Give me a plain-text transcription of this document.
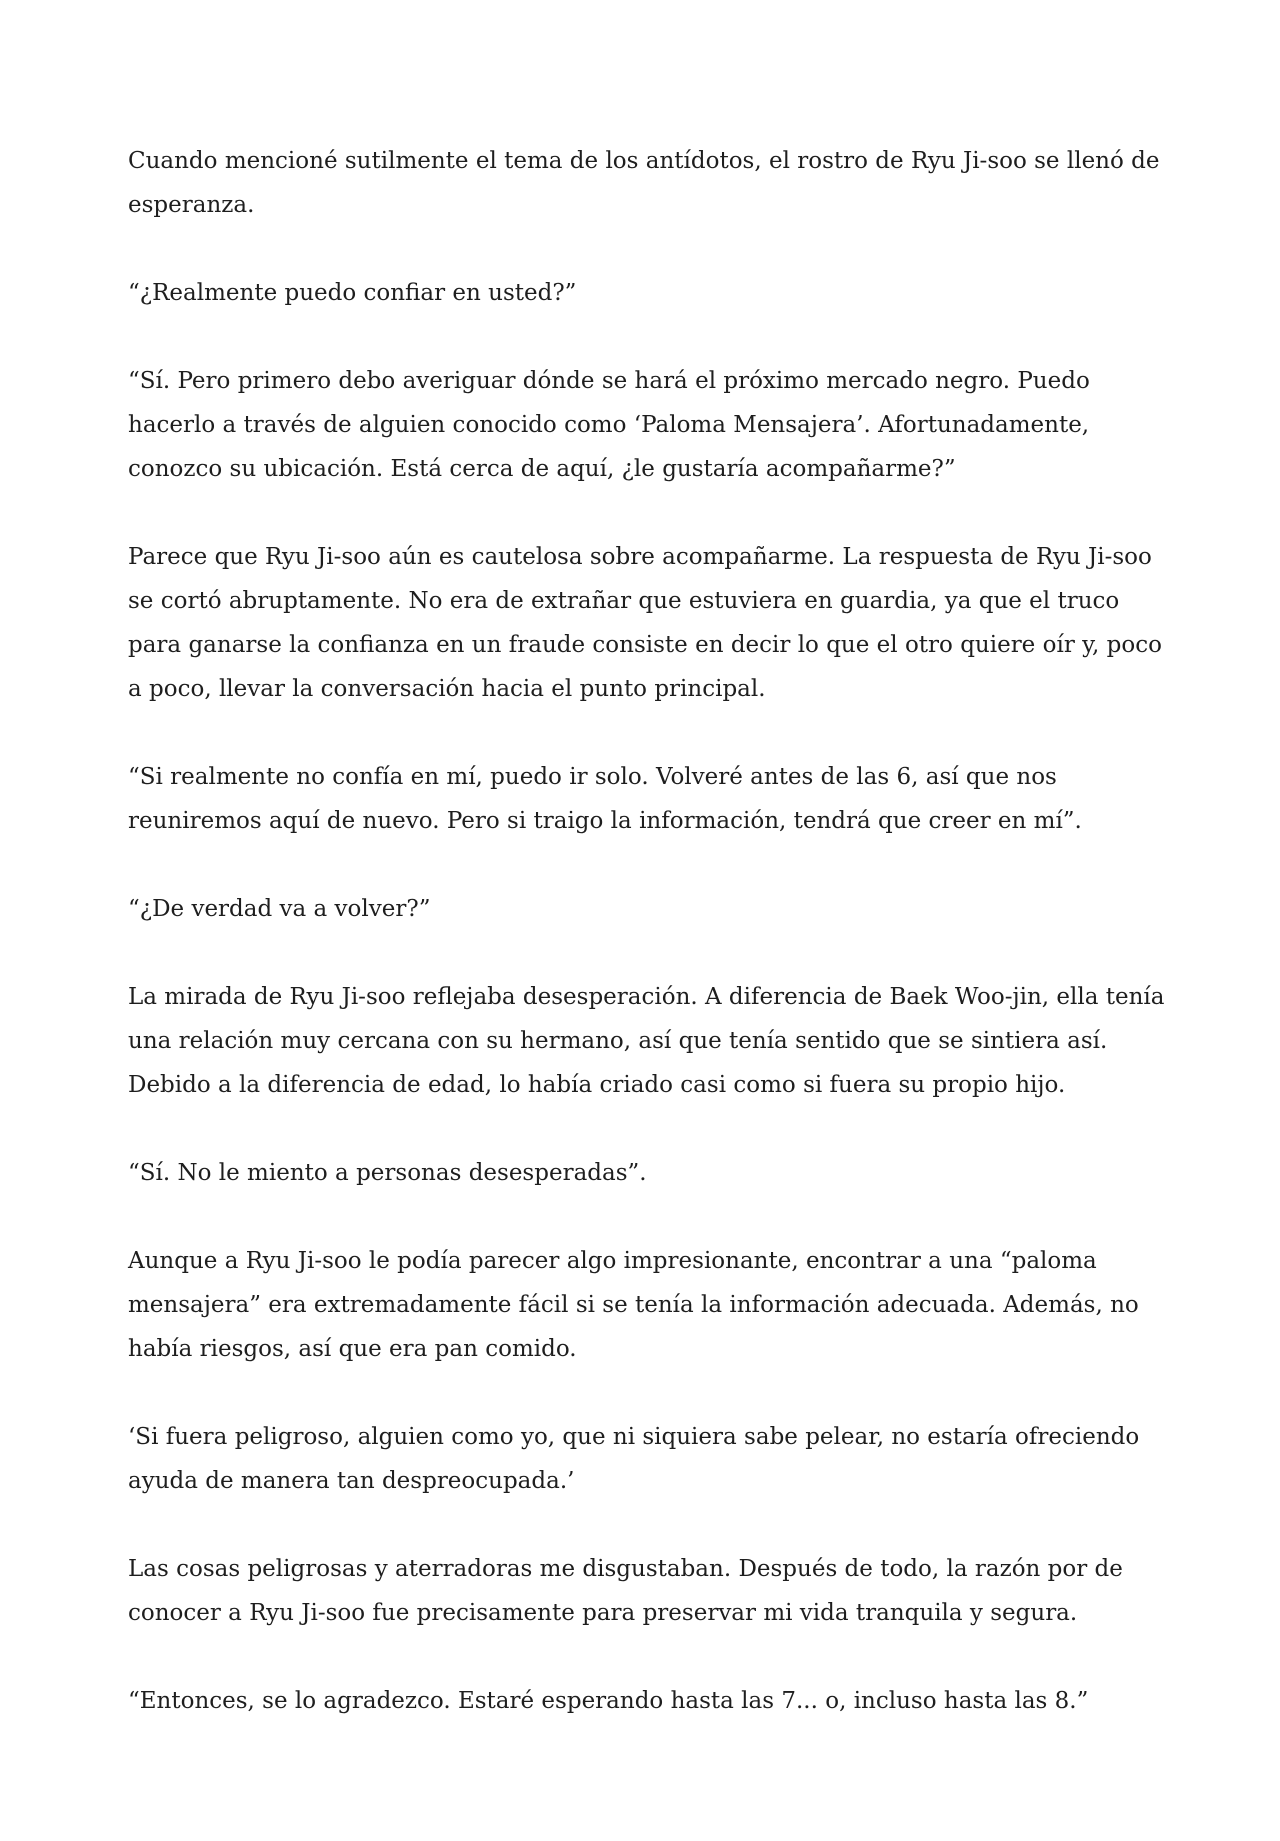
Cuando mencioné sutilmente el tema de los antídotos, el rostro de Ryu Ji-soo se llenó de esperanza.

“¿Realmente puedo confiar en usted?”

“Sí. Pero primero debo averiguar dónde se hará el próximo mercado negro. Puedo hacerlo a través de alguien conocido como ‘Paloma Mensajera’. Afortunadamente, conozco su ubicación. Está cerca de aquí, ¿le gustaría acompañarme?”

Parece que Ryu Ji-soo aún es cautelosa sobre acompañarme. La respuesta de Ryu Ji-soo se cortó abruptamente. No era de extrañar que estuviera en guardia, ya que el truco para ganarse la confianza en un fraude consiste en decir lo que el otro quiere oír y, poco a poco, llevar la conversación hacia el punto principal.

“Si realmente no confía en mí, puedo ir solo. Volveré antes de las 6, así que nos reuniremos aquí de nuevo. Pero si traigo la información, tendrá que creer en mí”.

“¿De verdad va a volver?”

La mirada de Ryu Ji-soo reflejaba desesperación. A diferencia de Baek Woo-jin, ella tenía una relación muy cercana con su hermano, así que tenía sentido que se sintiera así. Debido a la diferencia de edad, lo había criado casi como si fuera su propio hijo.

“Sí. No le miento a personas desesperadas”.

Aunque a Ryu Ji-soo le podía parecer algo impresionante, encontrar a una “paloma mensajera” era extremadamente fácil si se tenía la información adecuada. Además, no había riesgos, así que era pan comido.

‘Si fuera peligroso, alguien como yo, que ni siquiera sabe pelear, no estaría ofreciendo ayuda de manera tan despreocupada.’

Las cosas peligrosas y aterradoras me disgustaban. Después de todo, la razón por de conocer a Ryu Ji-soo fue precisamente para preservar mi vida tranquila y segura.

“Entonces, se lo agradezco. Estaré esperando hasta las 7... o, incluso hasta las 8.”
